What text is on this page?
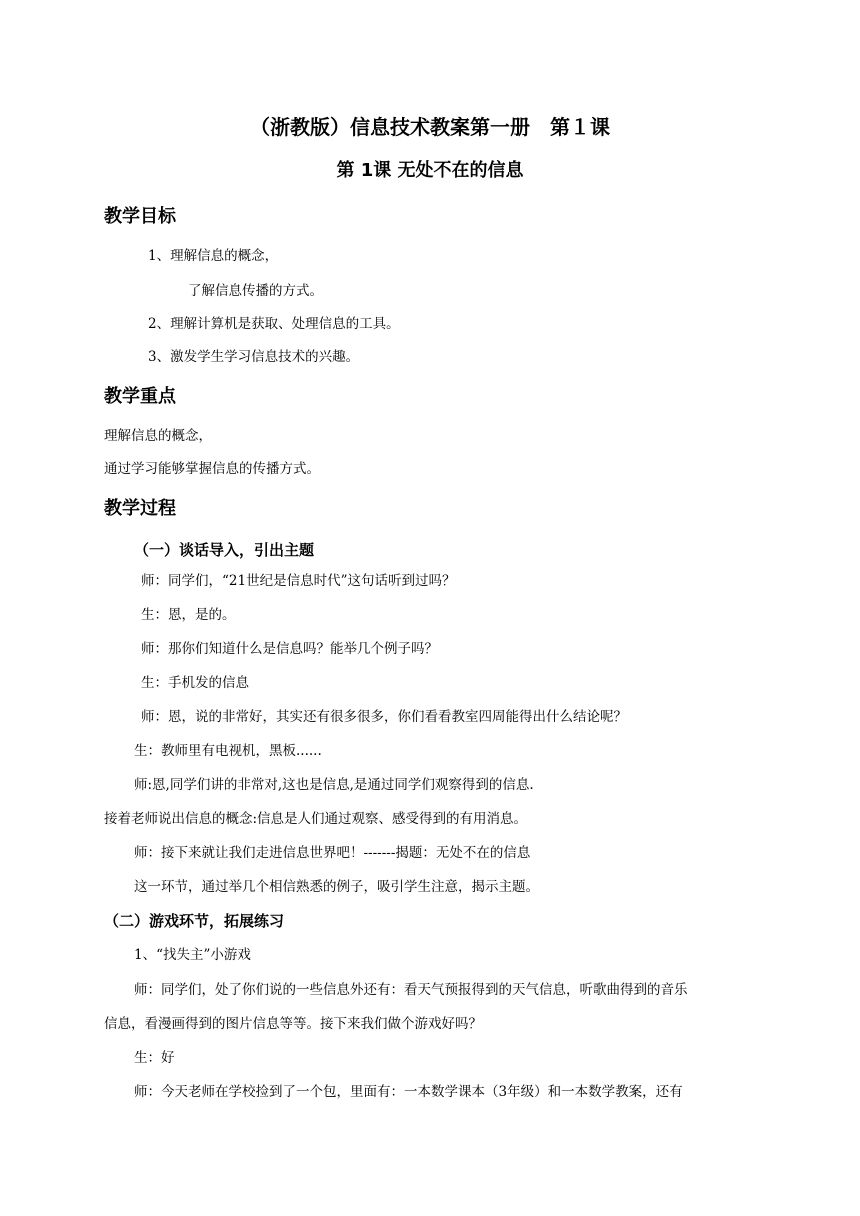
（浙教版）信息技术教案第一册　第１课
第 1课 无处不在的信息
教学目标
1、理解信息的概念，
了解信息传播的方式。
2、理解计算机是获取、处理信息的工具。
3、激发学生学习信息技术的兴趣。
教学重点
理解信息的概念，
通过学习能够掌握信息的传播方式。
教学过程
（一）谈话导入，引出主题
师：同学们，“21世纪是信息时代”这句话听到过吗？
生：恩，是的。
师：那你们知道什么是信息吗？能举几个例子吗？
生：手机发的信息
师：恩，说的非常好，其实还有很多很多，你们看看教室四周能得出什么结论呢？
生：教师里有电视机，黑板......
师:恩,同学们讲的非常对,这也是信息,是通过同学们观察得到的信息.
接着老师说出信息的概念:信息是人们通过观察、感受得到的有用消息。
师：接下来就让我们走进信息世界吧！-------揭题：无处不在的信息
这一环节，通过举几个相信熟悉的例子，吸引学生注意，揭示主题。
（二）游戏环节，拓展练习
1、“找失主”小游戏
师：同学们，处了你们说的一些信息外还有：看天气预报得到的天气信息，听歌曲得到的音乐
信息，看漫画得到的图片信息等等。接下来我们做个游戏好吗？
生：好
师：今天老师在学校捡到了一个包，里面有：一本数学课本（3年级）和一本数学教案，还有
